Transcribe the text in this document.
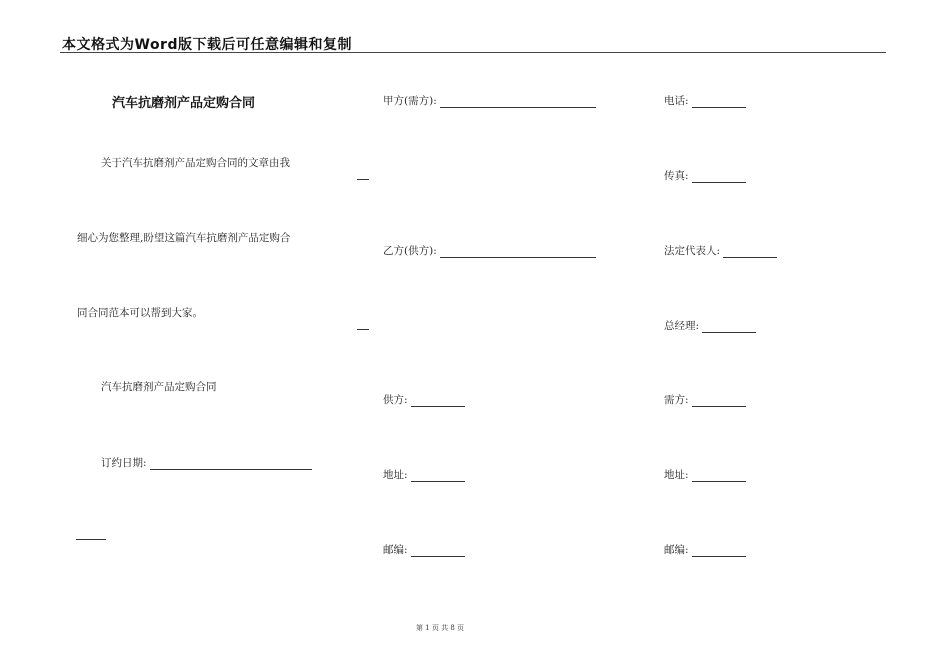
本文格式为Word版下载后可任意编辑和复制
汽车抗磨剂产品定购合同
关于汽车抗磨剂产品定购合同的文章由我
细心为您整理,盼望这篇汽车抗磨剂产品定购合
同合同范本可以帮到大家。
汽车抗磨剂产品定购合同
订约日期:
甲方(需方):
乙方(供方):
供方:
地址:
邮编:
电话:
传真:
法定代表人:
总经理:
需方:
地址:
邮编:
第 1 页 共 8 页
